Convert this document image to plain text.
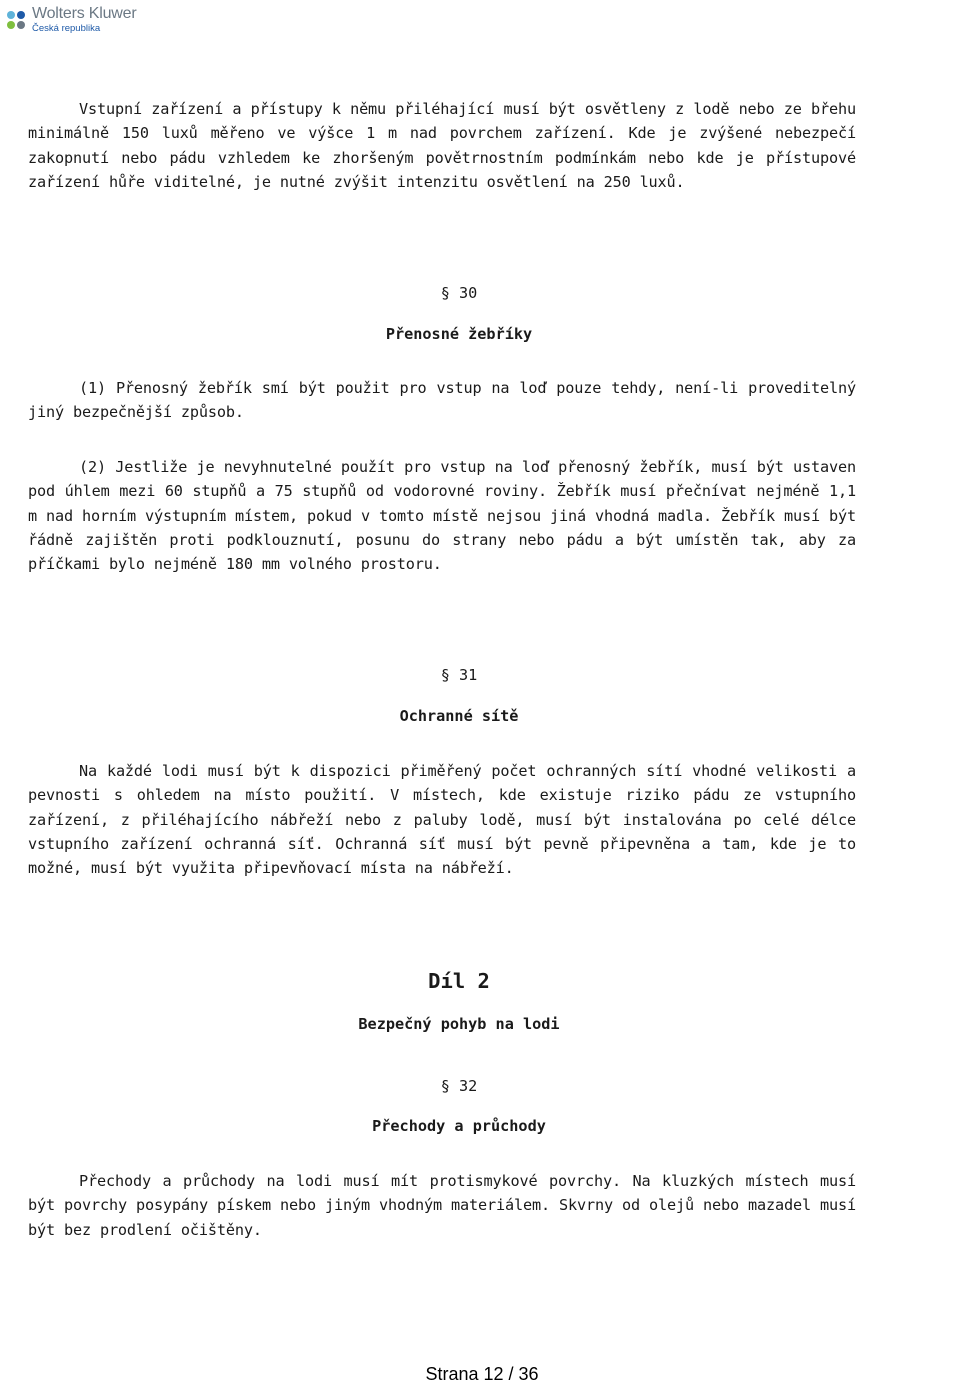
Wolters Kluwer
Česká republika

Vstupní zařízení a přístupy k němu přiléhající musí být osvětleny z lodě nebo ze břehu minimálně 150 luxů měřeno ve výšce 1 m nad povrchem zařízení. Kde je zvýšené nebezpečí zakopnutí nebo pádu vzhledem ke zhoršeným povětrnostním podmínkám nebo kde je přístupové zařízení hůře viditelné, je nutné zvýšit intenzitu osvětlení na 250 luxů.

§ 30
Přenosné žebříky

(1) Přenosný žebřík smí být použit pro vstup na loď pouze tehdy, není-li proveditelný jiný bezpečnější způsob.

(2) Jestliže je nevyhnutelné použít pro vstup na loď přenosný žebřík, musí být ustaven pod úhlem mezi 60 stupňů a 75 stupňů od vodorovné roviny. Žebřík musí přečnívat nejméně 1,1 m nad horním výstupním místem, pokud v tomto místě nejsou jiná vhodná madla. Žebřík musí být řádně zajištěn proti podklouznutí, posunu do strany nebo pádu a být umístěn tak, aby za příčkami bylo nejméně 180 mm volného prostoru.

§ 31
Ochranné sítě

Na každé lodi musí být k dispozici přiměřený počet ochranných sítí vhodné velikosti a pevnosti s ohledem na místo použití. V místech, kde existuje riziko pádu ze vstupního zařízení, z přiléhajícího nábřeží nebo z paluby lodě, musí být instalována po celé délce vstupního zařízení ochranná síť. Ochranná síť musí být pevně připevněna a tam, kde je to možné, musí být využita připevňovací místa na nábřeží.

Díl 2
Bezpečný pohyb na lodi
§ 32
Přechody a průchody

Přechody a průchody na lodi musí mít protismykové povrchy. Na kluzkých místech musí být povrchy posypány pískem nebo jiným vhodným materiálem. Skvrny od olejů nebo mazadel musí být bez prodlení očištěny.

Strana 12 / 36
